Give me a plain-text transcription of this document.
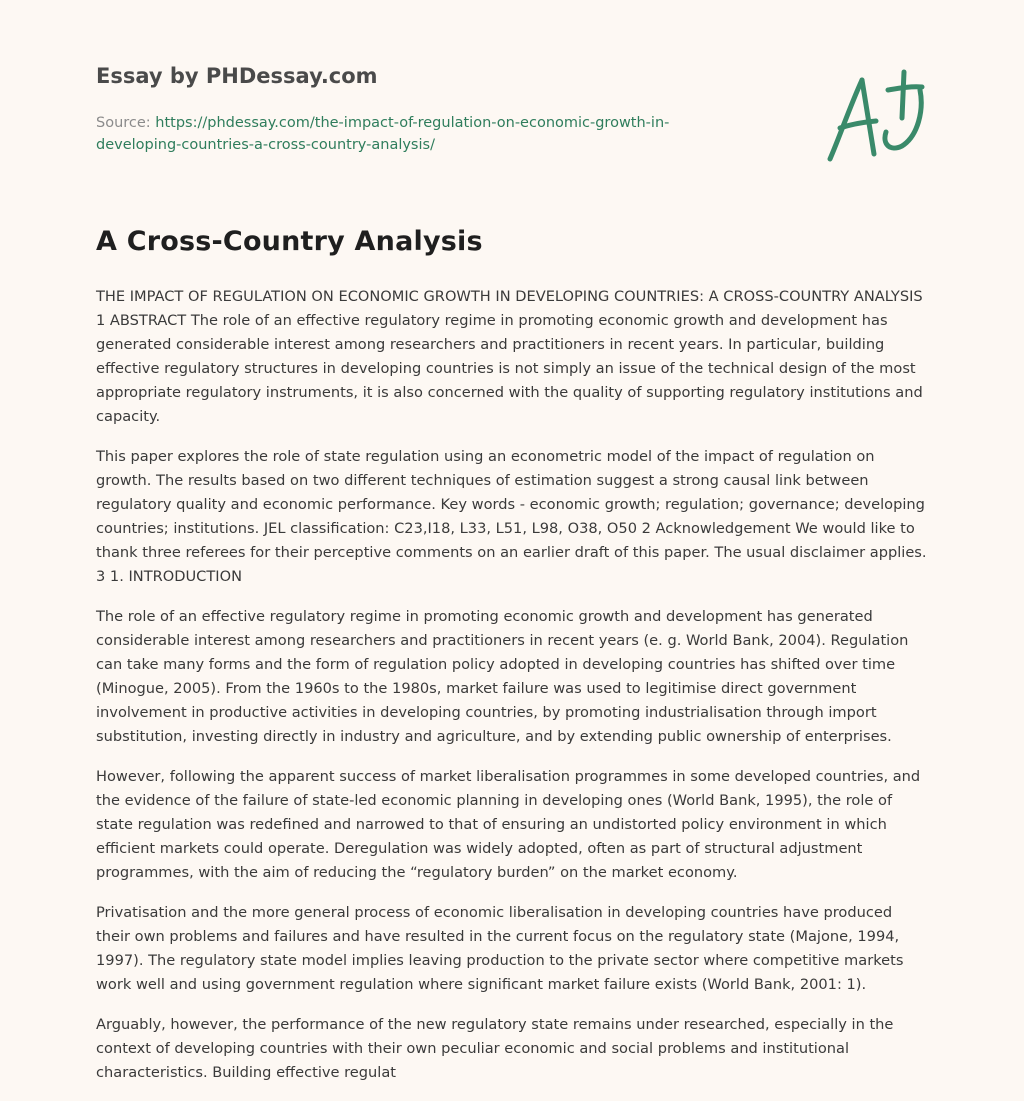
Essay by PHDessay.com

Source: https://phdessay.com/the-impact-of-regulation-on-economic-growth-in-
developing-countries-a-cross-country-analysis/

A Cross-Country Analysis

THE IMPACT OF REGULATION ON ECONOMIC GROWTH IN DEVELOPING COUNTRIES: A CROSS-COUNTRY ANALYSIS 1 ABSTRACT The role of an effective regulatory regime in promoting economic growth and development has generated considerable interest among researchers and practitioners in recent years. In particular, building effective regulatory structures in developing countries is not simply an issue of the technical design of the most appropriate regulatory instruments, it is also concerned with the quality of supporting regulatory institutions and capacity.

This paper explores the role of state regulation using an econometric model of the impact of regulation on growth. The results based on two different techniques of estimation suggest a strong causal link between regulatory quality and economic performance. Key words - economic growth; regulation; governance; developing countries; institutions. JEL classification: C23,I18, L33, L51, L98, O38, O50 2 Acknowledgement We would like to thank three referees for their perceptive comments on an earlier draft of this paper. The usual disclaimer applies. 3 1. INTRODUCTION

The role of an effective regulatory regime in promoting economic growth and development has generated considerable interest among researchers and practitioners in recent years (e. g. World Bank, 2004). Regulation can take many forms and the form of regulation policy adopted in developing countries has shifted over time (Minogue, 2005). From the 1960s to the 1980s, market failure was used to legitimise direct government involvement in productive activities in developing countries, by promoting industrialisation through import substitution, investing directly in industry and agriculture, and by extending public ownership of enterprises.

However, following the apparent success of market liberalisation programmes in some developed countries, and the evidence of the failure of state-led economic planning in developing ones (World Bank, 1995), the role of state regulation was redefined and narrowed to that of ensuring an undistorted policy environment in which efficient markets could operate. Deregulation was widely adopted, often as part of structural adjustment programmes, with the aim of reducing the “regulatory burden” on the market economy.

Privatisation and the more general process of economic liberalisation in developing countries have produced their own problems and failures and have resulted in the current focus on the regulatory state (Majone, 1994, 1997). The regulatory state model implies leaving production to the private sector where competitive markets work well and using government regulation where significant market failure exists (World Bank, 2001: 1).

Arguably, however, the performance of the new regulatory state remains under researched, especially in the context of developing countries with their own peculiar economic and social problems and institutional characteristics. Building effective regulat
